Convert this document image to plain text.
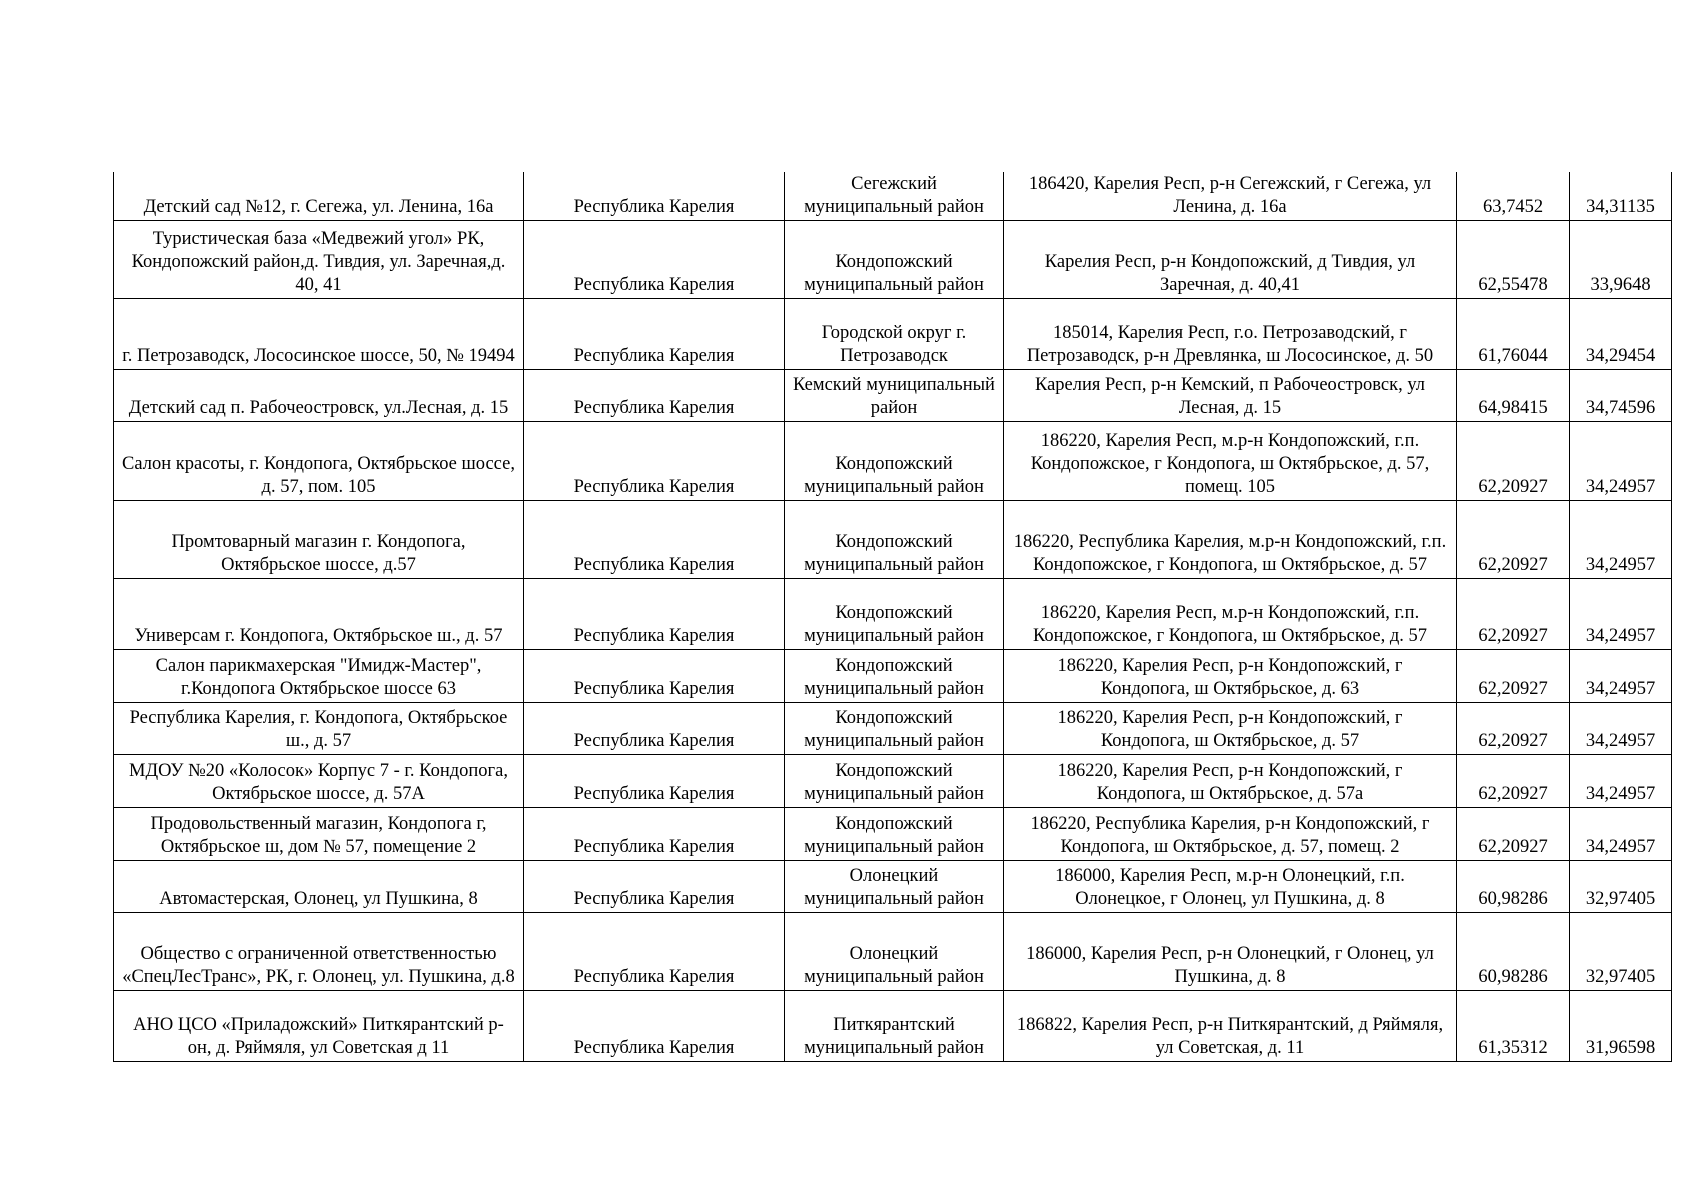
Детский сад №12, г. Сегежа, ул. Ленина, 16а	Республика Карелия	Сегежский муниципальный район	186420, Карелия Респ, р-н Сегежский, г Сегежа, ул Ленина, д. 16а	63,7452	34,31135
Туристическая база «Медвежий угол» РК, Кондопожский район,д. Тивдия, ул. Заречная,д. 40, 41	Республика Карелия	Кондопожский муниципальный район	Карелия Респ, р-н Кондопожский, д Тивдия, ул Заречная, д. 40,41	62,55478	33,9648
г. Петрозаводск, Лососинское шоссе, 50, № 19494	Республика Карелия	Городской округ г. Петрозаводск	185014, Карелия Респ, г.о. Петрозаводский, г Петрозаводск, р-н Древлянка, ш Лососинское, д. 50	61,76044	34,29454
Детский сад п. Рабочеостровск, ул.Лесная, д. 15	Республика Карелия	Кемский муниципальный район	Карелия Респ, р-н Кемский, п Рабочеостровск, ул Лесная, д. 15	64,98415	34,74596
Салон красоты, г. Кондопога, Октябрьское шоссе, д. 57, пом. 105	Республика Карелия	Кондопожский муниципальный район	186220, Карелия Респ, м.р-н Кондопожский, г.п. Кондопожское, г Кондопога, ш Октябрьское, д. 57, помещ. 105	62,20927	34,24957
Промтоварный магазин г. Кондопога, Октябрьское шоссе, д.57	Республика Карелия	Кондопожский муниципальный район	186220, Республика Карелия, м.р-н Кондопожский, г.п. Кондопожское, г Кондопога, ш Октябрьское, д. 57	62,20927	34,24957
Универсам г. Кондопога, Октябрьское ш., д. 57	Республика Карелия	Кондопожский муниципальный район	186220, Карелия Респ, м.р-н Кондопожский, г.п. Кондопожское, г Кондопога, ш Октябрьское, д. 57	62,20927	34,24957
Салон парикмахерская "Имидж-Мастер", г.Кондопога Октябрьское шоссе 63	Республика Карелия	Кондопожский муниципальный район	186220, Карелия Респ, р-н Кондопожский, г Кондопога, ш Октябрьское, д. 63	62,20927	34,24957
Республика Карелия, г. Кондопога, Октябрьское ш., д. 57	Республика Карелия	Кондопожский муниципальный район	186220, Карелия Респ, р-н Кондопожский, г Кондопога, ш Октябрьское, д. 57	62,20927	34,24957
МДОУ №20 «Колосок» Корпус 7 - г. Кондопога, Октябрьское шоссе, д. 57А	Республика Карелия	Кондопожский муниципальный район	186220, Карелия Респ, р-н Кондопожский, г Кондопога, ш Октябрьское, д. 57а	62,20927	34,24957
Продовольственный магазин, Кондопога г, Октябрьское ш, дом № 57, помещение 2	Республика Карелия	Кондопожский муниципальный район	186220, Республика Карелия, р-н Кондопожский, г Кондопога, ш Октябрьское, д. 57, помещ. 2	62,20927	34,24957
Автомастерская, Олонец, ул Пушкина, 8	Республика Карелия	Олонецкий муниципальный район	186000, Карелия Респ, м.р-н Олонецкий, г.п. Олонецкое, г Олонец, ул Пушкина, д. 8	60,98286	32,97405
Общество с ограниченной ответственностью «СпецЛесТранс», РК, г. Олонец, ул. Пушкина, д.8	Республика Карелия	Олонецкий муниципальный район	186000, Карелия Респ, р-н Олонецкий, г Олонец, ул Пушкина, д. 8	60,98286	32,97405
АНО ЦСО «Приладожский» Питкярантский р-он, д. Ряймяля, ул Советская д 11	Республика Карелия	Питкярантский муниципальный район	186822, Карелия Респ, р-н Питкярантский, д Ряймяля, ул Советская, д. 11	61,35312	31,96598
